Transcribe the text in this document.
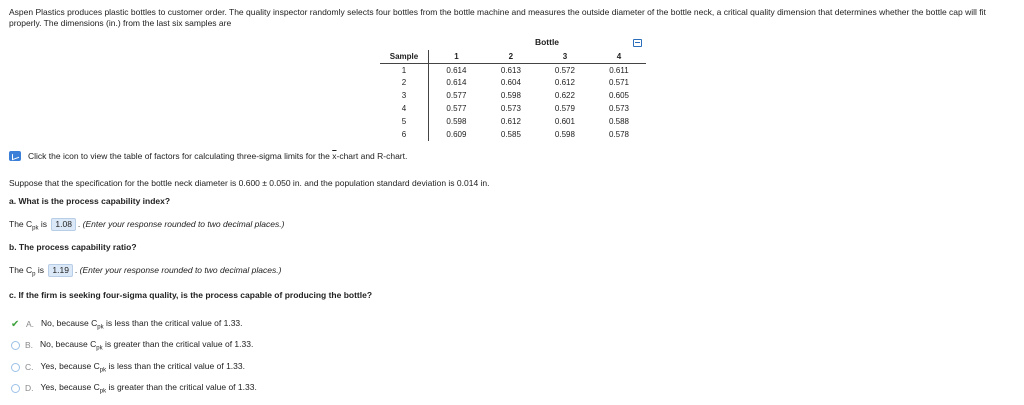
Aspen Plastics produces plastic bottles to customer order. The quality inspector randomly selects four bottles from the bottle machine and measures the outside diameter of the bottle neck, a critical quality dimension that determines whether the bottle cap will fit properly. The dimensions (in.) from the last six samples are
Bottle
Sample	1	2	3	4
1	0.614	0.613	0.572	0.611
2	0.614	0.604	0.612	0.571
3	0.577	0.598	0.622	0.605
4	0.577	0.573	0.579	0.573
5	0.598	0.612	0.601	0.588
6	0.609	0.585	0.598	0.578
Click the icon to view the table of factors for calculating three-sigma limits for the $\overline{x}$-chart and R-chart.
Suppose that the specification for the bottle neck diameter is 0.600 ± 0.050 in. and the population standard deviation is 0.014 in.
a. What is the process capability index?
The $C_{pk}$ is 1.08 . (Enter your response rounded to two decimal places.)
b. The process capability ratio?
The $C_p$ is 1.19 . (Enter your response rounded to two decimal places.)
c. If the firm is seeking four-sigma quality, is the process capable of producing the bottle?
✔ A. No, because $C_{pk}$ is less than the critical value of 1.33.
B. No, because $C_{pk}$ is greater than the critical value of 1.33.
C. Yes, because $C_{pk}$ is less than the critical value of 1.33.
D. Yes, because $C_{pk}$ is greater than the critical value of 1.33.
